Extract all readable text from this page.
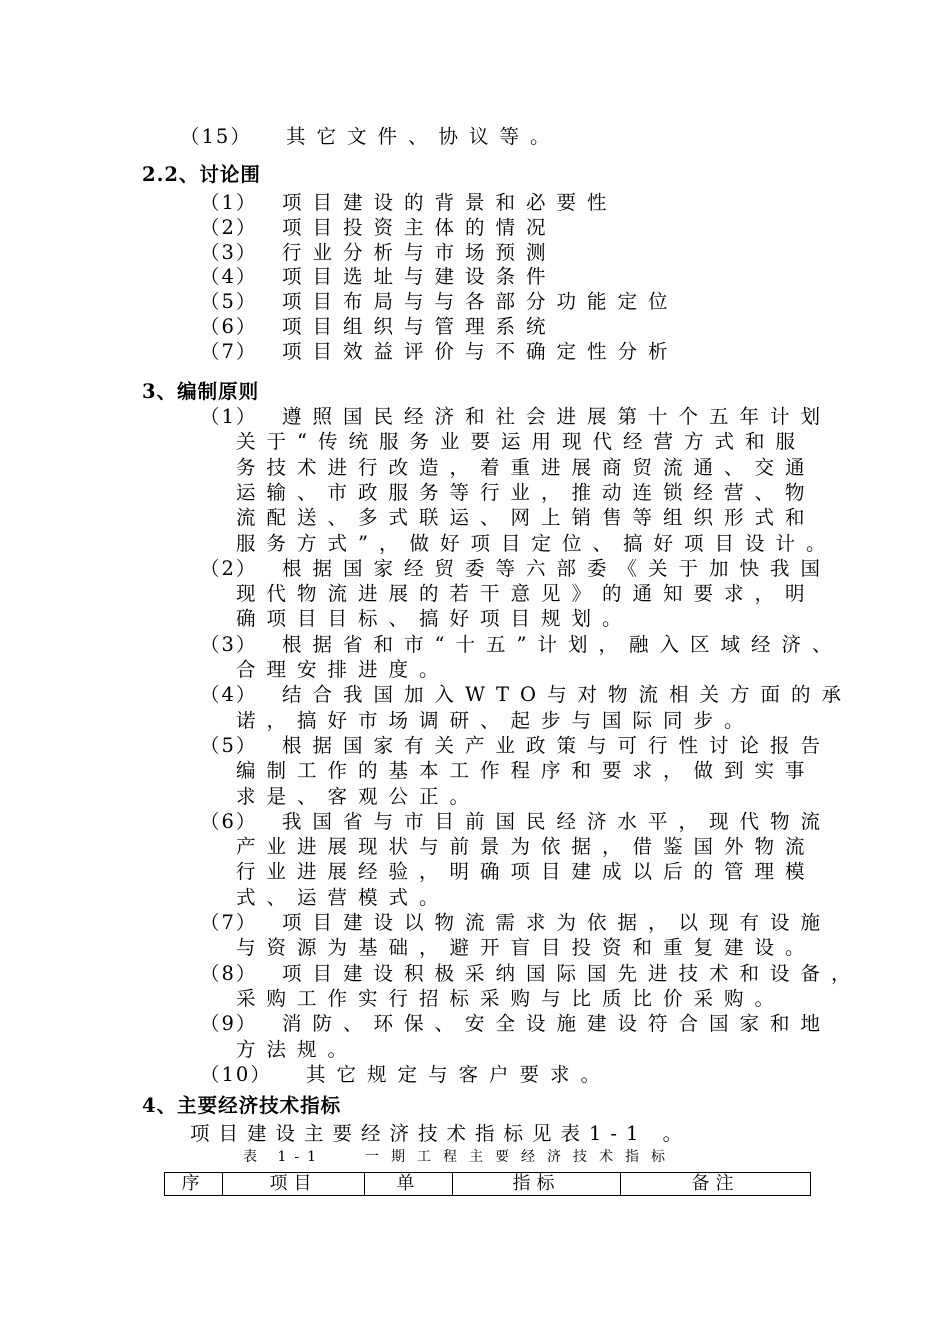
（15） 其它文件、协议等。
2.2、讨论围
（1） 项目建设的背景和必要性
（2） 项目投资主体的情况
（3） 行业分析与市场预测
（4） 项目选址与建设条件
（5） 项目布局与与各部分功能定位
（6） 项目组织与管理系统
（7） 项目效益评价与不确定性分析
3、编制原则
（1） 遵照国民经济和社会进展第十个五年计划
关于“传统服务业要运用现代经营方式和服
务技术进行改造，着重进展商贸流通、交通
运输、市政服务等行业，推动连锁经营、物
流配送、多式联运、网上销售等组织形式和
服务方式”，做好项目定位、搞好项目设计。
（2） 根据国家经贸委等六部委《关于加快我国
现代物流进展的若干意见》的通知要求，明
确项目目标、搞好项目规划。
（3） 根据省和市“十五”计划，融入区域经济、
合理安排进度。
（4） 结合我国加入WTO与对物流相关方面的承
诺，搞好市场调研、起步与国际同步。
（5） 根据国家有关产业政策与可行性讨论报告
编制工作的基本工作程序和要求，做到实事
求是、客观公正。
（6） 我国省与市目前国民经济水平，现代物流
产业进展现状与前景为依据，借鉴国外物流
行业进展经验，明确项目建成以后的管理模
式、运营模式。
（7） 项目建设以物流需求为依据，以现有设施
与资源为基础，避开盲目投资和重复建设。
（8） 项目建设积极采纳国际国先进技术和设备，
采购工作实行招标采购与比质比价采购。
（9） 消防、环保、安全设施建设符合国家和地
方法规。
（10） 其它规定与客户要求。
4、主要经济技术指标
项目建设主要经济技术指标见表1-1 。
表 1-1	一期工程主要经济技术指标
序	项目	单	指标	备注
